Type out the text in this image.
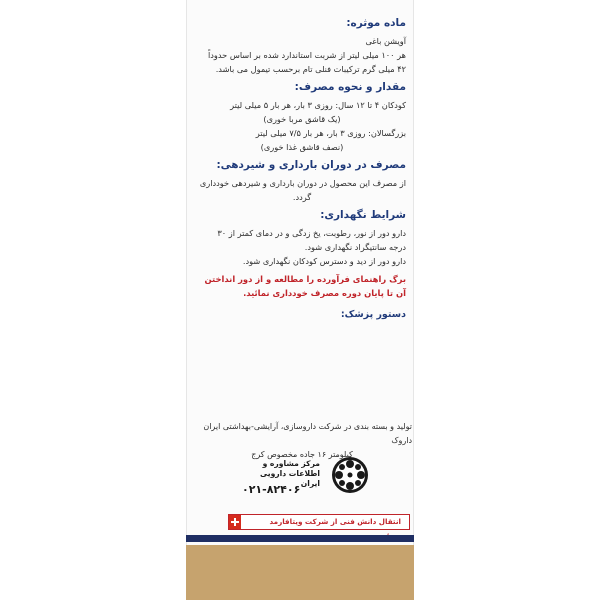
ماده موثره:

آویشن باغی

هر ۱۰۰ میلی لیتر از شربت استاندارد شده بر اساس حدوداً

۴۲ میلی گرم ترکیبات فنلی تام برحسب تیمول می باشد.

مقدار و نحوه مصرف:

کودکان ۴ تا ۱۲ سال: روزی ۳ بار، هر بار ۵ میلی لیتر

(یک قاشق مربا خوری)

بزرگسالان: روزی ۳ بار، هر بار ۷/۵ میلی لیتر

(نصف قاشق غذا خوری)

مصرف در دوران بارداری و شیردهی:

از مصرف این محصول در دوران بارداری و شیردهی خودداری

گردد.

شرایط نگهداری:

دارو دور از نور، رطوبت، یخ زدگی و در دمای کمتر از ۳۰

درجه سانتیگراد نگهداری شود.

دارو دور از دید و دسترس کودکان نگهداری شود.

برگ راهنمای فرآورده را مطالعه و از دور انداختن آن تا پایان دوره مصرف خودداری نمائید.
دستور پزشک:
تولید و بسته بندی در شرکت داروسازی، آرایشی-بهداشتی ایران داروک
کیلومتر ۱۶ جاده مخصوص کرج
مرکز مشاوره و
اطلاعات دارویی ایران
۰۲۱-۸۲۴۰۶
انتقال دانش فنی از شرکت ویتافارمد
